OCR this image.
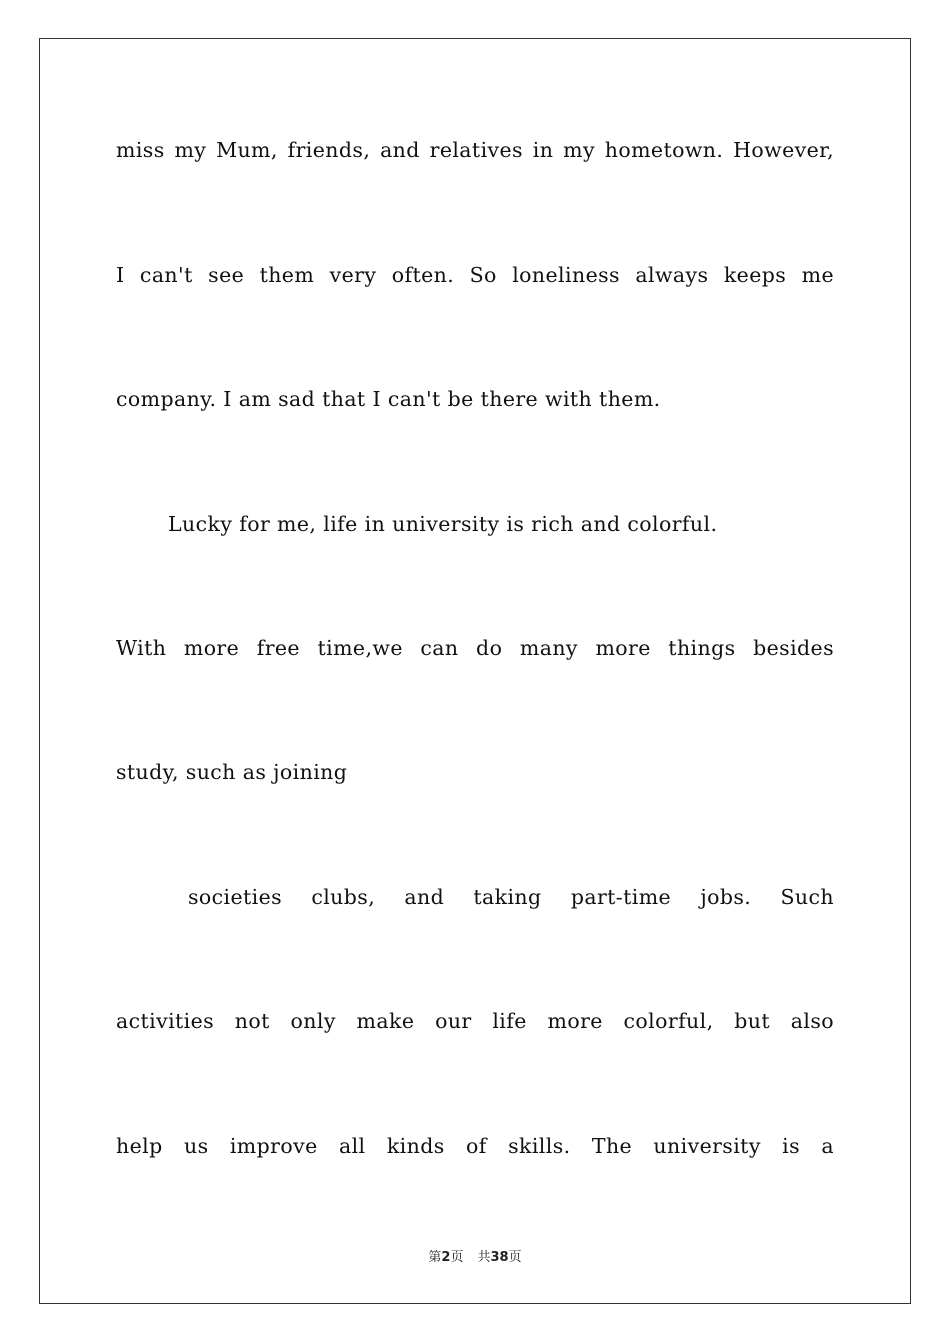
miss my Mum, friends, and relatives in my hometown. However,
I can't see them very often. So loneliness always keeps me
company. I am sad that I can't be there with them.
Lucky for me, life in university is rich and colorful.
With more free time,we can do many more things besides
study, such as joining
societies clubs, and taking part-time jobs. Such
activities not only make our life more colorful, but also
help us improve all kinds of skills. The university is a
第2页 共38页
